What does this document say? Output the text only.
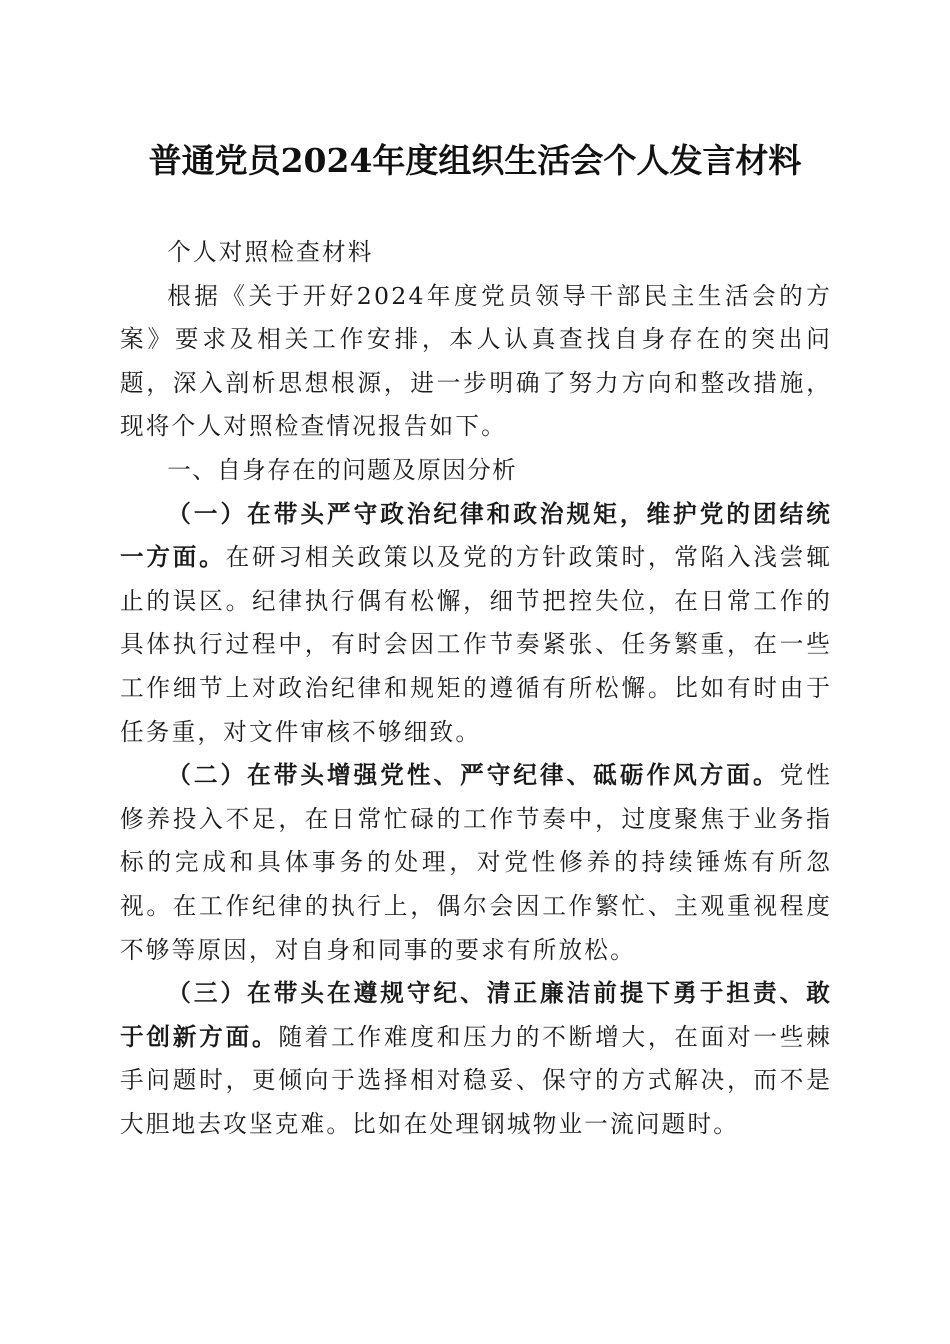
普通党员2024年度组织生活会个人发言材料

个人对照检查材料

根据《关于开好2024年度党员领导干部民主生活会的方案》要求及相关工作安排，本人认真查找自身存在的突出问题，深入剖析思想根源，进一步明确了努力方向和整改措施，现将个人对照检查情况报告如下。

一、自身存在的问题及原因分析

（一）在带头严守政治纪律和政治规矩，维护党的团结统一方面。在研习相关政策以及党的方针政策时，常陷入浅尝辄止的误区。纪律执行偶有松懈，细节把控失位，在日常工作的具体执行过程中，有时会因工作节奏紧张、任务繁重，在一些工作细节上对政治纪律和规矩的遵循有所松懈。比如有时由于任务重，对文件审核不够细致。

（二）在带头增强党性、严守纪律、砥砺作风方面。党性修养投入不足，在日常忙碌的工作节奏中，过度聚焦于业务指标的完成和具体事务的处理，对党性修养的持续锤炼有所忽视。在工作纪律的执行上，偶尔会因工作繁忙、主观重视程度不够等原因，对自身和同事的要求有所放松。

（三）在带头在遵规守纪、清正廉洁前提下勇于担责、敢于创新方面。随着工作难度和压力的不断增大，在面对一些棘手问题时，更倾向于选择相对稳妥、保守的方式解决，而不是大胆地去攻坚克难。比如在处理钢城物业一流问题时。
